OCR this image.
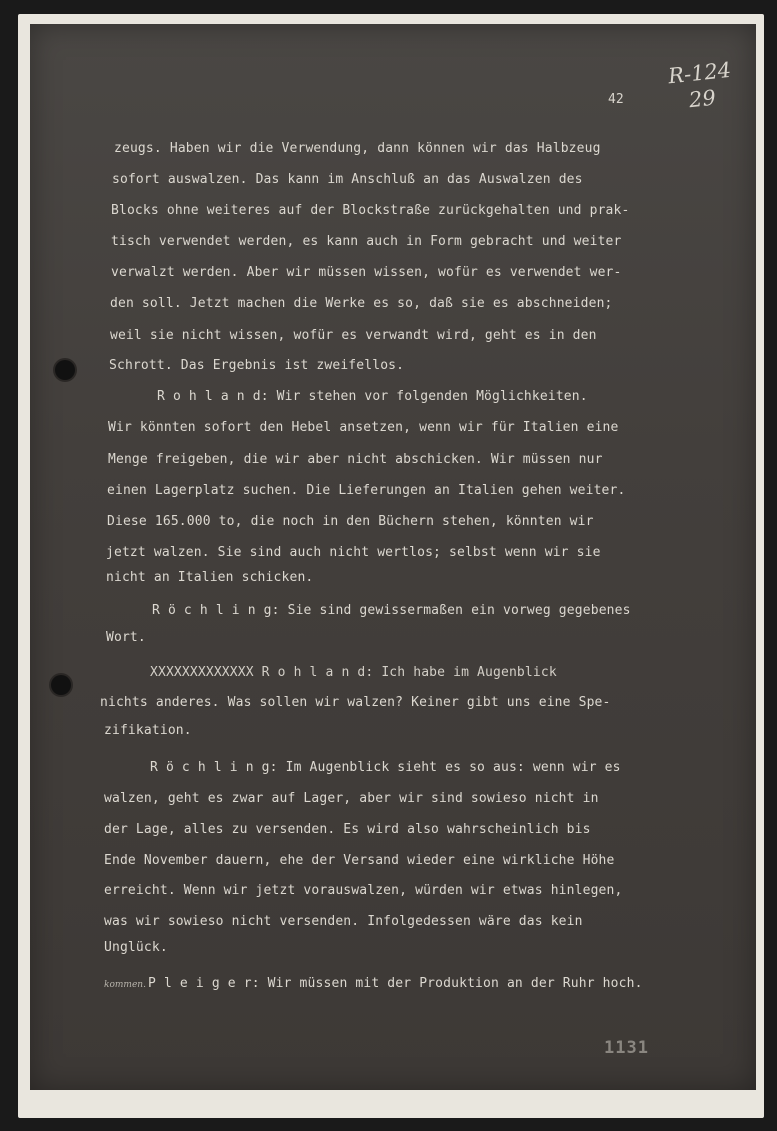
42

R-124
29

zeugs. Haben wir die Verwendung, dann können wir das Halbzeug

sofort auswalzen. Das kann im Anschluß an das Auswalzen des

Blocks ohne weiteres auf der Blockstraße zurückgehalten und prak-

tisch verwendet werden, es kann auch in Form gebracht und weiter

verwalzt werden. Aber wir müssen wissen, wofür es verwendet wer-

den soll. Jetzt machen die Werke es so, daß sie es abschneiden;

weil sie nicht wissen, wofür es verwandt wird, geht es in den

Schrott. Das Ergebnis ist zweifellos.

R o h l a n d: Wir stehen vor folgenden Möglichkeiten.

Wir könnten sofort den Hebel ansetzen, wenn wir für Italien eine

Menge freigeben, die wir aber nicht abschicken. Wir müssen nur

einen Lagerplatz suchen. Die Lieferungen an Italien gehen weiter.

Diese 165.000 to, die noch in den Büchern stehen, könnten wir

jetzt walzen. Sie sind auch nicht wertlos; selbst wenn wir sie

nicht an Italien schicken.

R ö c h l i n g: Sie sind gewissermaßen ein vorweg gegebenes

Wort.

XXXXXXXXXXXXX R o h l a n d: Ich habe im Augenblick

nichts anderes. Was sollen wir walzen? Keiner gibt uns eine Spe-

zifikation.

R ö c h l i n g: Im Augenblick sieht es so aus: wenn wir es

walzen, geht es zwar auf Lager, aber wir sind sowieso nicht in

der Lage, alles zu versenden. Es wird also wahrscheinlich bis

Ende November dauern, ehe der Versand wieder eine wirkliche Höhe

erreicht. Wenn wir jetzt vorauswalzen, würden wir etwas hinlegen,

was wir sowieso nicht versenden. Infolgedessen wäre das kein

Unglück.

P l e i g e r: Wir müssen mit der Produktion an der Ruhr hoch.

kommen.

1131
